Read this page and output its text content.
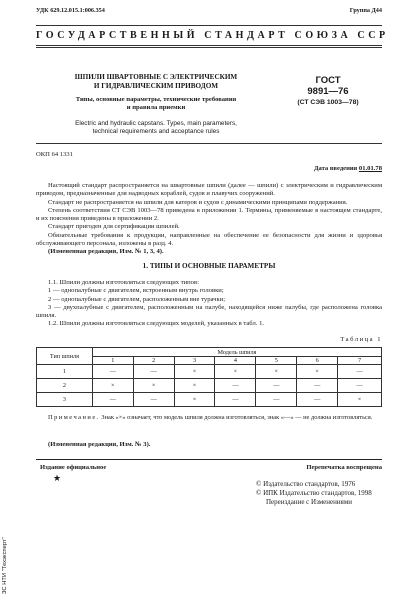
УДК 629.12.015.1:006.354	Группа Д44
ГОСУДАРСТВЕННЫЙ СТАНДАРТ СОЮЗА ССР
ШПИЛИ ШВАРТОВНЫЕ С ЭЛЕКТРИЧЕСКИМ
И ГИДРАВЛИЧЕСКИМ ПРИВОДОМ
Типы, основные параметры, технические требования
и правила приемки
Electric and hydraulic capstans. Types, main parameters,
technical requirements and acceptance rules
ГОСТ
9891—76
(СТ СЭВ 1003—78)
ОКП 64 1331
Дата введения 01.01.78

Настоящий стандарт распространяется на швартовные шпили (далее — шпили) с электрическим и гидравлическим приводом, предназначенные для надводных кораблей, судов и плавучих сооружений.

Стандарт не распространяется на шпили для катеров и судов с динамическими принципами поддержания.

Степень соответствия СТ СЭВ 1003—78 приведена в приложении 1. Термины, применяемые в настоящем стандарте, и их пояснения приведены в приложении 2.

Стандарт пригоден для сертификации шпилей.

Обязательные требования к продукции, направленные на обеспечение ее безопасности для жизни и здоровья обслуживающего персонала, изложены в разд. 4.

(Измененная редакция, Изм. № 1, 3, 4).

1. ТИПЫ И ОСНОВНЫЕ ПАРАМЕТРЫ

1.1. Шпили должны изготовляться следующих типов:

1 — однопалубные с двигателем, встроенным внутрь головки;

2 — однопалубные с двигателем, расположенным вне турачки;

3 — двухпалубные с двигателем, расположенным на палубе, находящейся ниже палубы, где расположена головка шпиля.

1.2. Шпили должны изготовляться следующих моделей, указанных в табл. 1.

Таблица 1
Тип шпиля	Модель шпиля						
	1	2	3	4	5	6	7
1	—	—	×	×	×	×	—
2	×	×	×	—	—	—	—
3	—	—	×	—	—	—	×

Примечание. Знак «×» означает, что модель шпиля должна изготовляться, знак «—» — не должна изготовляться.

(Измененная редакция, Изм. № 3).
Издание официальное	Перепечатка воспрещена
★
© Издательство стандартов, 1976
© ИПК Издательство стандартов, 1998
Переиздание с Изменениями
ЗС НТИ "Техэксперт"
